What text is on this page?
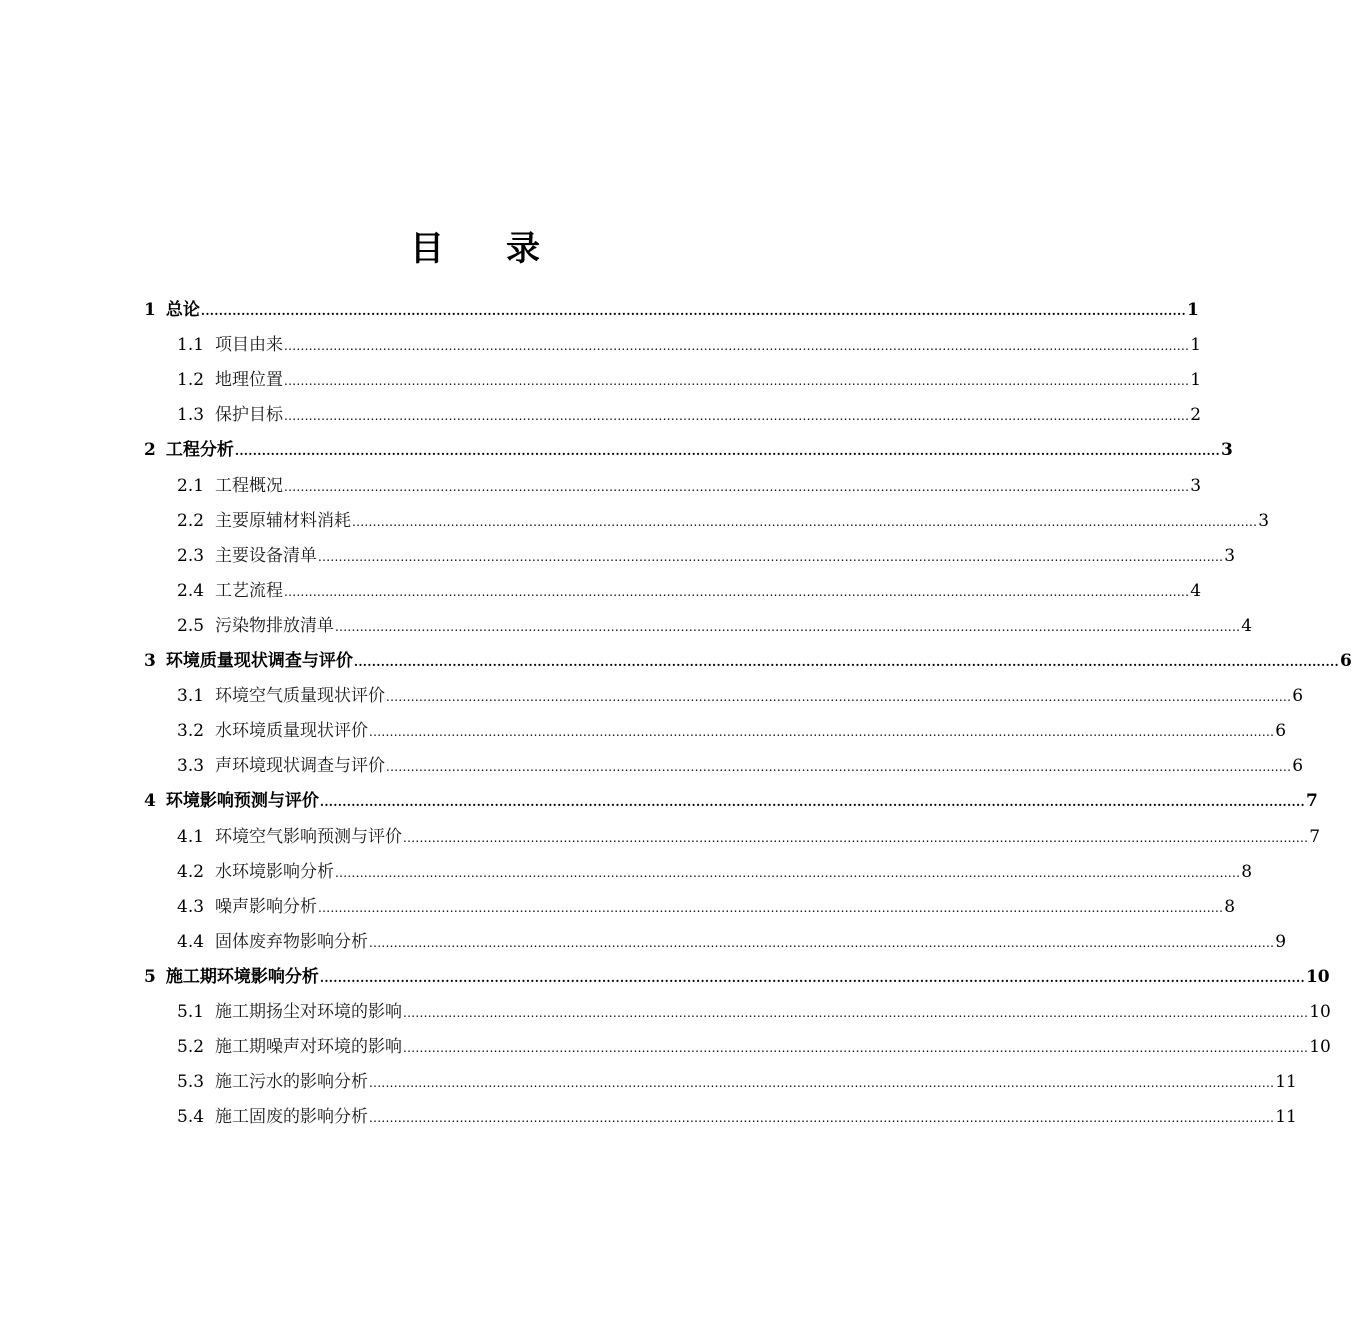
目 录
1 总论 ............................................................................................................................................................................................................................ 1
1.1 项目由来 ............................................................................................................................................................................................................................ 1
1.2 地理位置 ............................................................................................................................................................................................................................ 1
1.3 保护目标 ............................................................................................................................................................................................................................ 2
2 工程分析 ............................................................................................................................................................................................................................ 3
2.1 工程概况 ............................................................................................................................................................................................................................ 3
2.2 主要原辅材料消耗 ............................................................................................................................................................................................................................ 3
2.3 主要设备清单 ............................................................................................................................................................................................................................ 3
2.4 工艺流程 ............................................................................................................................................................................................................................ 4
2.5 污染物排放清单 ............................................................................................................................................................................................................................ 4
3 环境质量现状调查与评价 ............................................................................................................................................................................................................................ 6
3.1 环境空气质量现状评价 ............................................................................................................................................................................................................................ 6
3.2 水环境质量现状评价 ............................................................................................................................................................................................................................ 6
3.3 声环境现状调查与评价 ............................................................................................................................................................................................................................ 6
4 环境影响预测与评价 ............................................................................................................................................................................................................................ 7
4.1 环境空气影响预测与评价 ............................................................................................................................................................................................................................ 7
4.2 水环境影响分析 ............................................................................................................................................................................................................................ 8
4.3 噪声影响分析 ............................................................................................................................................................................................................................ 8
4.4 固体废弃物影响分析 ............................................................................................................................................................................................................................ 9
5 施工期环境影响分析 ............................................................................................................................................................................................................................ 10
5.1 施工期扬尘对环境的影响 ............................................................................................................................................................................................................................ 10
5.2 施工期噪声对环境的影响 ............................................................................................................................................................................................................................ 10
5.3 施工污水的影响分析 ............................................................................................................................................................................................................................ 11
5.4 施工固废的影响分析 ............................................................................................................................................................................................................................ 11
